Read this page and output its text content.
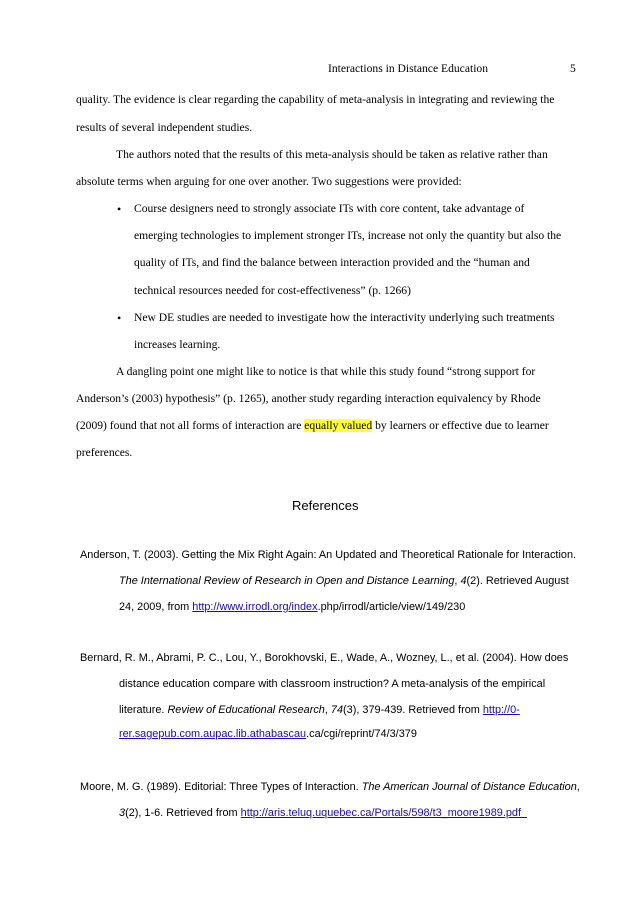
Interactions in Distance Education	5
quality. The evidence is clear regarding the capability of meta-analysis in integrating and reviewing the
results of several independent studies.
The authors noted that the results of this meta-analysis should be taken as relative rather than
absolute terms when arguing for one over another. Two suggestions were provided:
• Course designers need to strongly associate ITs with core content, take advantage of
emerging technologies to implement stronger ITs, increase not only the quantity but also the
quality of ITs, and find the balance between interaction provided and the “human and
technical resources needed for cost-effectiveness” (p. 1266)
• New DE studies are needed to investigate how the interactivity underlying such treatments
increases learning.
A dangling point one might like to notice is that while this study found “strong support for
Anderson’s (2003) hypothesis” (p. 1265), another study regarding interaction equivalency by Rhode
(2009) found that not all forms of interaction are equally valued by learners or effective due to learner
preferences.
References
Anderson, T. (2003). Getting the Mix Right Again: An Updated and Theoretical Rationale for Interaction.
The International Review of Research in Open and Distance Learning, 4(2). Retrieved August
24, 2009, from http://www.irrodl.org/index.php/irrodl/article/view/149/230
Bernard, R. M., Abrami, P. C., Lou, Y., Borokhovski, E., Wade, A., Wozney, L., et al. (2004). How does
distance education compare with classroom instruction? A meta-analysis of the empirical
literature. Review of Educational Research, 74(3), 379-439. Retrieved from http://0-
rer.sagepub.com.aupac.lib.athabascau.ca/cgi/reprint/74/3/379
Moore, M. G. (1989). Editorial: Three Types of Interaction. The American Journal of Distance Education,
3(2), 1-6. Retrieved from http://aris.teluq.uquebec.ca/Portals/598/t3_moore1989.pdf
